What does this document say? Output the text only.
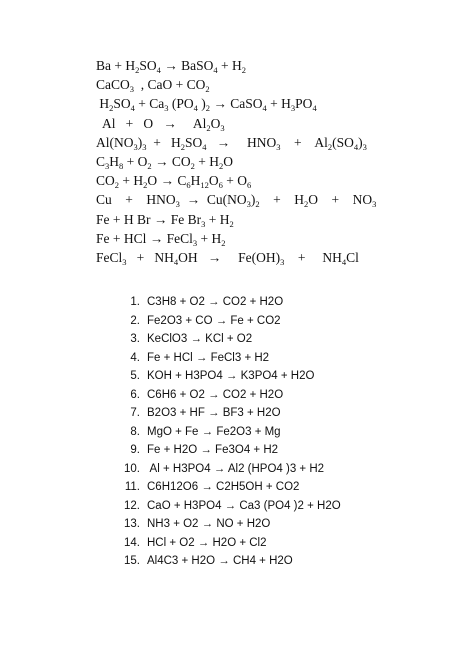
$Ba + H_2SO_4$ → BaSO$_4$ + $H_2$
CaCO$_3$  , CaO + $CO_2$
$H_2SO_4 + Ca_3$ ($PO_4$ )$_2$ → CaSO$_4$ + $H_3PO_4$
Al   +   O   →     $Al_2O_3$
$Al(NO_3)_3 + H_2SO_4$   →     $HNO_3$    +    $Al_2(SO_4)_3$
$C_3H_8 + O_2 \to CO_2 + H_2O$
$CO_2 + H_2O \to C_6H_{12}O_6 + O_6$
Cu    +    $HNO_3 \to Cu(NO_3)_2$    +    $H_2O$    +    $NO_3$
Fe + H Br → Fe $Br_3 + H_2$
Fe + HCl → FeCl$_3$ + $H_2$
FeCl$_3$   +   $NH_4OH$   →     $Fe(OH)_3$    +     $NH_4Cl$
1. C3H8 + O2 → CO2 + H2O
2. Fe2O3 + CO → Fe + CO2
3. KeClO3 → KCl + O2
4. Fe + HCl → FeCl3 + H2
5. KOH + H3PO4 → K3PO4 + H2O
6. C6H6 + O2 → CO2 + H2O
7. B2O3 + HF → BF3 + H2O
8. MgO + Fe → Fe2O3 + Mg
9. Fe + H2O → Fe3O4 + H2
10. Al + H3PO4 → Al2 (HPO4 )3 + H2
11. C6H12O6 → C2H5OH + CO2
12. CaO + H3PO4 → Ca3 (PO4 )2 + H2O
13. NH3 + O2 → NO + H2O
14. HCl + O2 → H2O + Cl2
15. Al4C3 + H2O → CH4 + H2O
